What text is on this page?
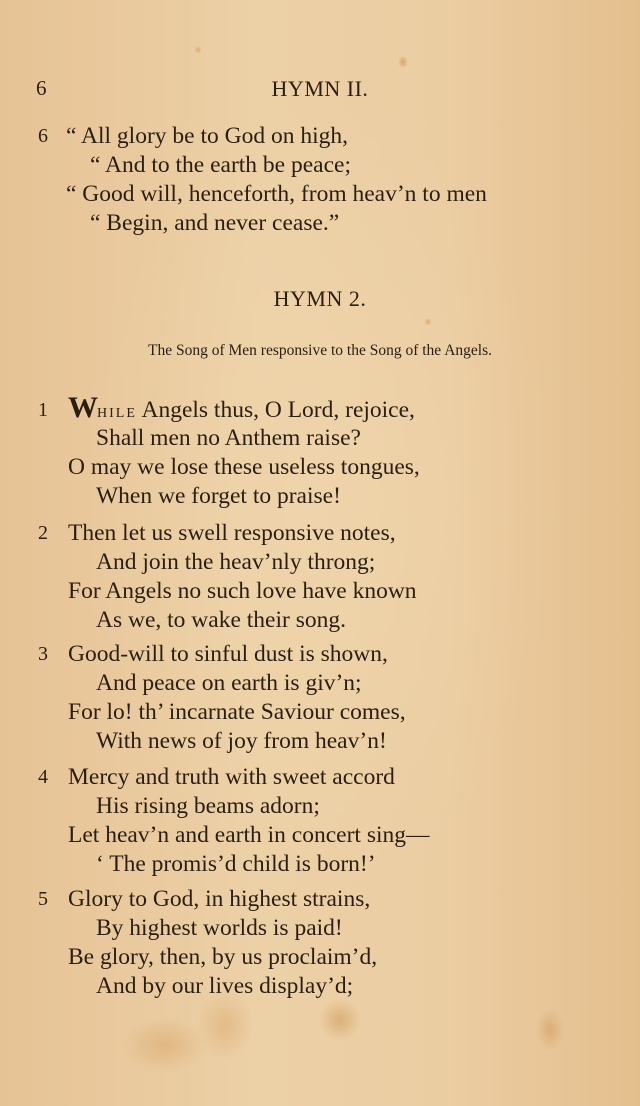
6	HYMN II.
6 “ All glory be to God on high,
“ And to the earth be peace;
“ Good will, henceforth, from heav’n to men
“ Begin, and never cease.”
HYMN 2.
The Song of Men responsive to the Song of the Angels.
1 WHILE Angels thus, O Lord, rejoice,
Shall men no Anthem raise?
O may we lose these useless tongues,
When we forget to praise!
2 Then let us swell responsive notes,
And join the heav’nly throng;
For Angels no such love have known
As we, to wake their song.
3 Good-will to sinful dust is shown,
And peace on earth is giv’n;
For lo! th’ incarnate Saviour comes,
With news of joy from heav’n!
4 Mercy and truth with sweet accord
His rising beams adorn;
Let heav’n and earth in concert sing—
‘ The promis’d child is born!’
5 Glory to God, in highest strains,
By highest worlds is paid!
Be glory, then, by us proclaim’d,
And by our lives display’d;
